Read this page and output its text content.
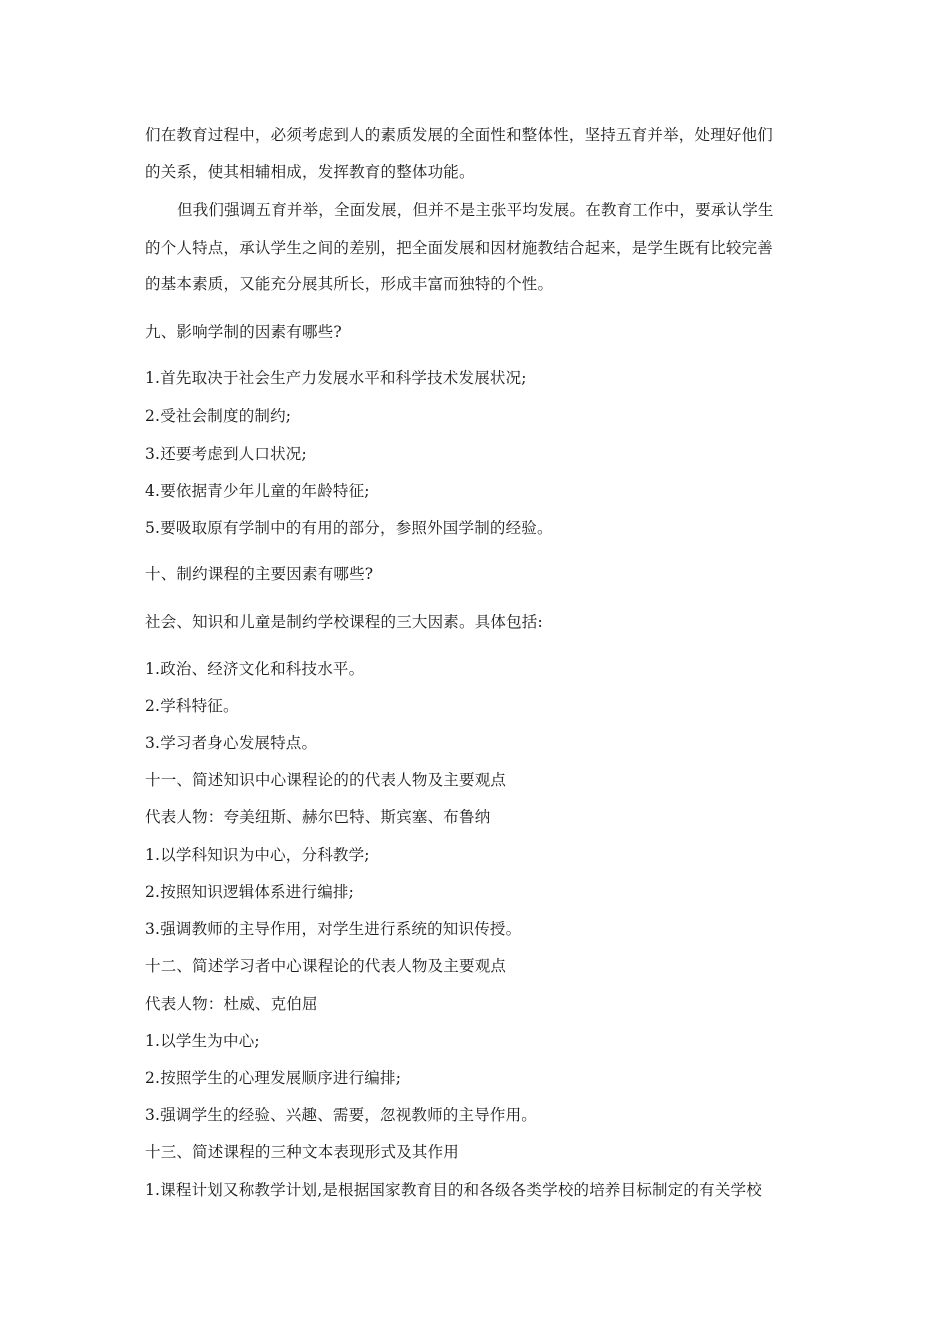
们在教育过程中，必须考虑到人的素质发展的全面性和整体性，坚持五育并举，处理好他们
的关系，使其相辅相成，发挥教育的整体功能。
但我们强调五育并举，全面发展，但并不是主张平均发展。在教育工作中，要承认学生
的个人特点，承认学生之间的差别，把全面发展和因材施教结合起来，是学生既有比较完善
的基本素质，又能充分展其所长，形成丰富而独特的个性。
九、影响学制的因素有哪些?
1.首先取决于社会生产力发展水平和科学技术发展状况;
2.受社会制度的制约;
3.还要考虑到人口状况;
4.要依据青少年儿童的年龄特征;
5.要吸取原有学制中的有用的部分，参照外国学制的经验。
十、制约课程的主要因素有哪些?
社会、知识和儿童是制约学校课程的三大因素。具体包括:
1.政治、经济文化和科技水平。
2.学科特征。
3.学习者身心发展特点。
十一、简述知识中心课程论的的代表人物及主要观点
代表人物：夸美纽斯、赫尔巴特、斯宾塞、布鲁纳
1.以学科知识为中心，分科教学;
2.按照知识逻辑体系进行编排;
3.强调教师的主导作用，对学生进行系统的知识传授。
十二、简述学习者中心课程论的代表人物及主要观点
代表人物：杜威、克伯屈
1.以学生为中心;
2.按照学生的心理发展顺序进行编排;
3.强调学生的经验、兴趣、需要，忽视教师的主导作用。
十三、简述课程的三种文本表现形式及其作用
1.课程计划又称教学计划,是根据国家教育目的和各级各类学校的培养目标制定的有关学校
